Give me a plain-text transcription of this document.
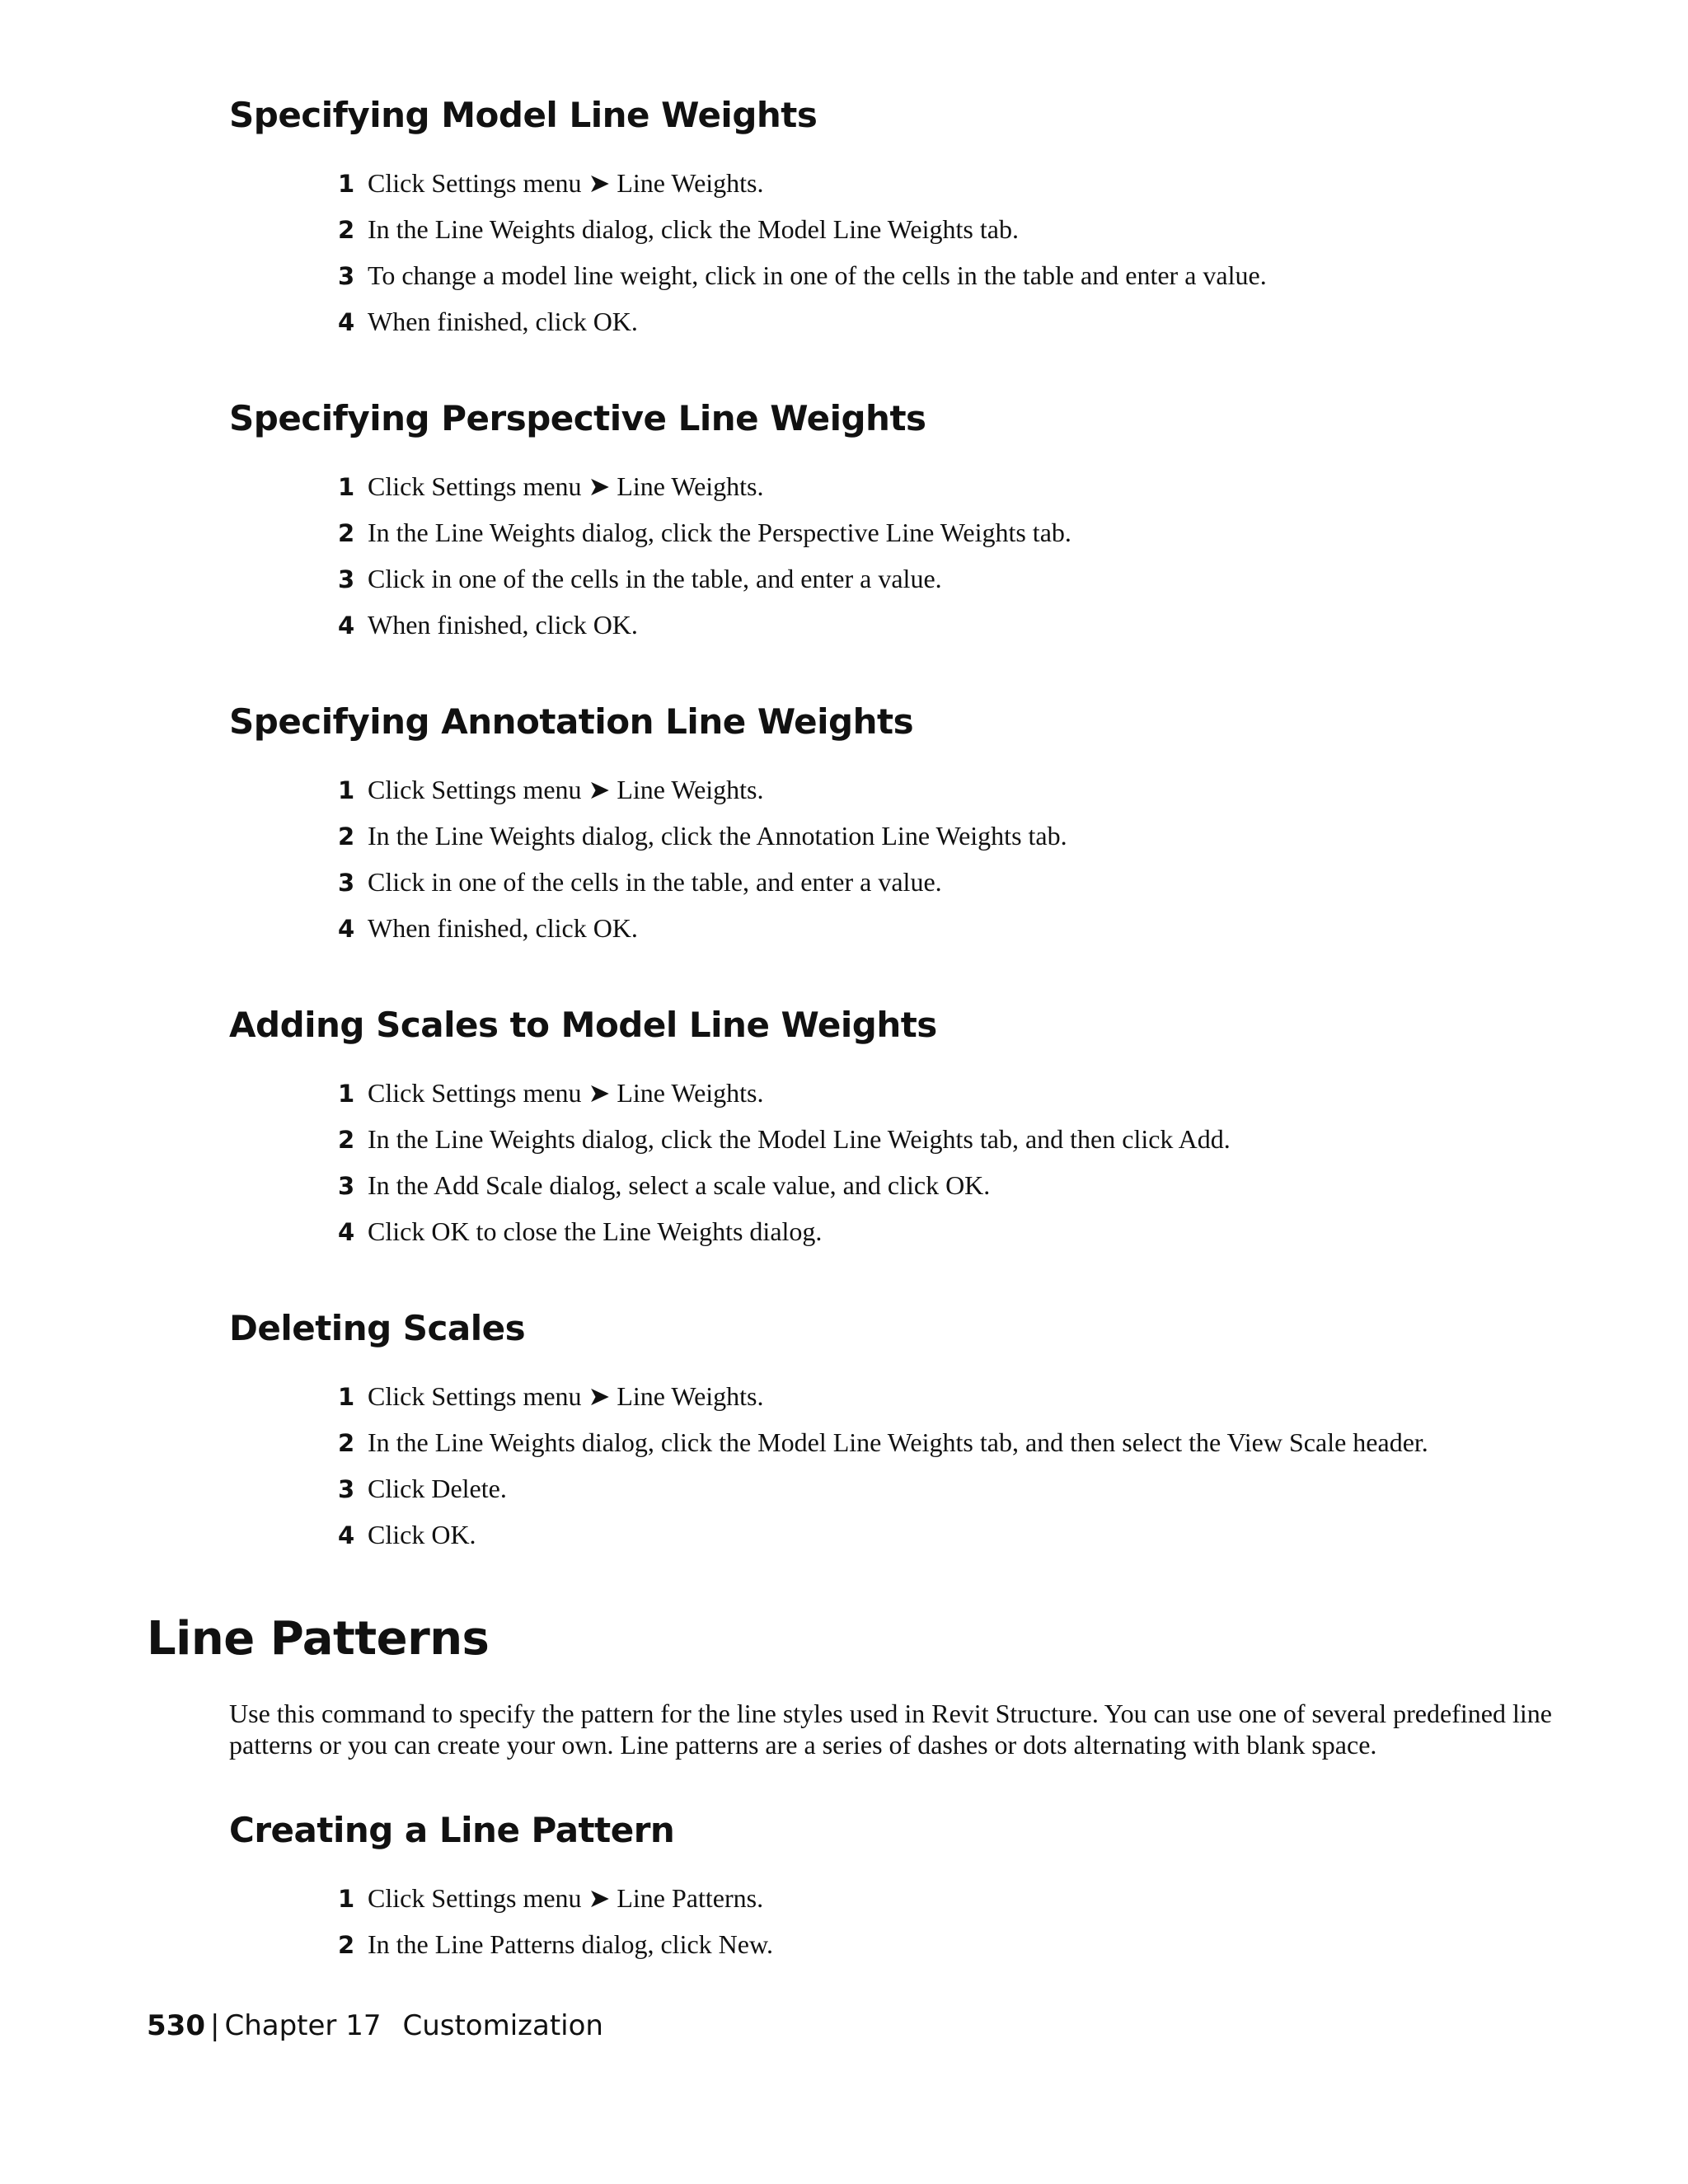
Specifying Model Line Weights
1 Click Settings menu ➤ Line Weights.
2 In the Line Weights dialog, click the Model Line Weights tab.
3 To change a model line weight, click in one of the cells in the table and enter a value.
4 When finished, click OK.
Specifying Perspective Line Weights
1 Click Settings menu ➤ Line Weights.
2 In the Line Weights dialog, click the Perspective Line Weights tab.
3 Click in one of the cells in the table, and enter a value.
4 When finished, click OK.
Specifying Annotation Line Weights
1 Click Settings menu ➤ Line Weights.
2 In the Line Weights dialog, click the Annotation Line Weights tab.
3 Click in one of the cells in the table, and enter a value.
4 When finished, click OK.
Adding Scales to Model Line Weights
1 Click Settings menu ➤ Line Weights.
2 In the Line Weights dialog, click the Model Line Weights tab, and then click Add.
3 In the Add Scale dialog, select a scale value, and click OK.
4 Click OK to close the Line Weights dialog.
Deleting Scales
1 Click Settings menu ➤ Line Weights.
2 In the Line Weights dialog, click the Model Line Weights tab, and then select the View Scale header.
3 Click Delete.
4 Click OK.
Line Patterns

Use this command to specify the pattern for the line styles used in Revit Structure. You can use one of several predefined line patterns or you can create your own. Line patterns are a series of dashes or dots alternating with blank space.

Creating a Line Pattern
1 Click Settings menu ➤ Line Patterns.
2 In the Line Patterns dialog, click New.
530 | Chapter 17 Customization
